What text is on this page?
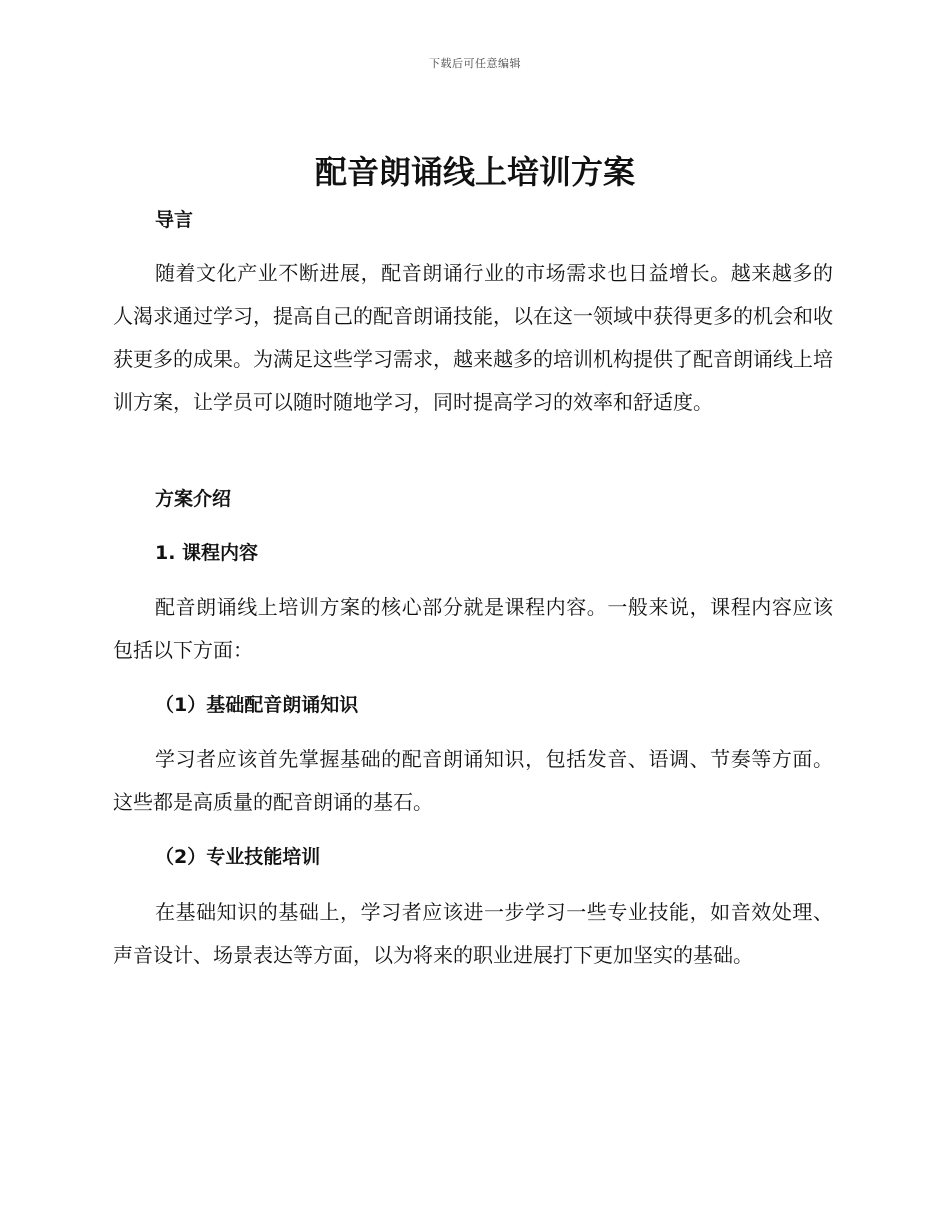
下载后可任意编辑
配音朗诵线上培训方案
导言

随着文化产业不断进展，配音朗诵行业的市场需求也日益增长。越来越多的人渴求通过学习，提高自己的配音朗诵技能，以在这一领域中获得更多的机会和收获更多的成果。为满足这些学习需求，越来越多的培训机构提供了配音朗诵线上培训方案，让学员可以随时随地学习，同时提高学习的效率和舒适度。

方案介绍
1. 课程内容

配音朗诵线上培训方案的核心部分就是课程内容。一般来说，课程内容应该包括以下方面：

（1）基础配音朗诵知识

学习者应该首先掌握基础的配音朗诵知识，包括发音、语调、节奏等方面。这些都是高质量的配音朗诵的基石。

（2）专业技能培训

在基础知识的基础上，学习者应该进一步学习一些专业技能，如音效处理、声音设计、场景表达等方面，以为将来的职业进展打下更加坚实的基础。
